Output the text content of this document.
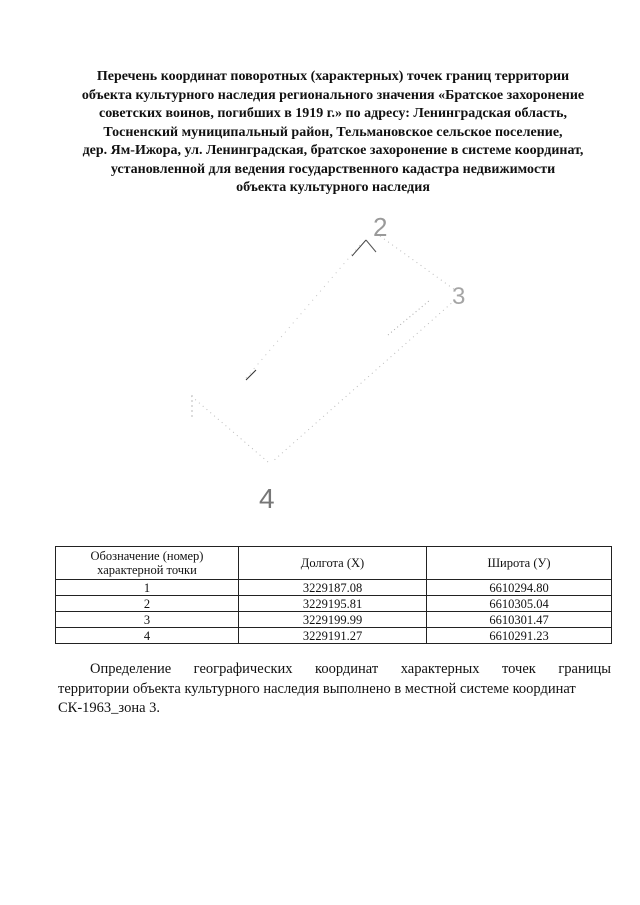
Перечень координат поворотных (характерных) точек границ территории
объекта культурного наследия регионального значения «Братское захоронение
советских воинов, погибших в 1919 г.» по адресу: Ленинградская область,
Тосненский муниципальный район, Тельмановское сельское поселение,
дер. Ям-Ижора, ул. Ленинградская, братское захоронение в системе координат,
установленной для ведения государственного кадастра недвижимости
объекта культурного наследия
2
3
4
Обозначение (номер) характерной точки	Долгота (X)	Широта (У)
1	3229187.08	6610294.80
2	3229195.81	6610305.04
3	3229199.99	6610301.47
4	3229191.27	6610291.23
Определение географических координат характерных точек границы
территории объекта культурного наследия выполнено в местной системе координат
СК-1963_зона 3.
